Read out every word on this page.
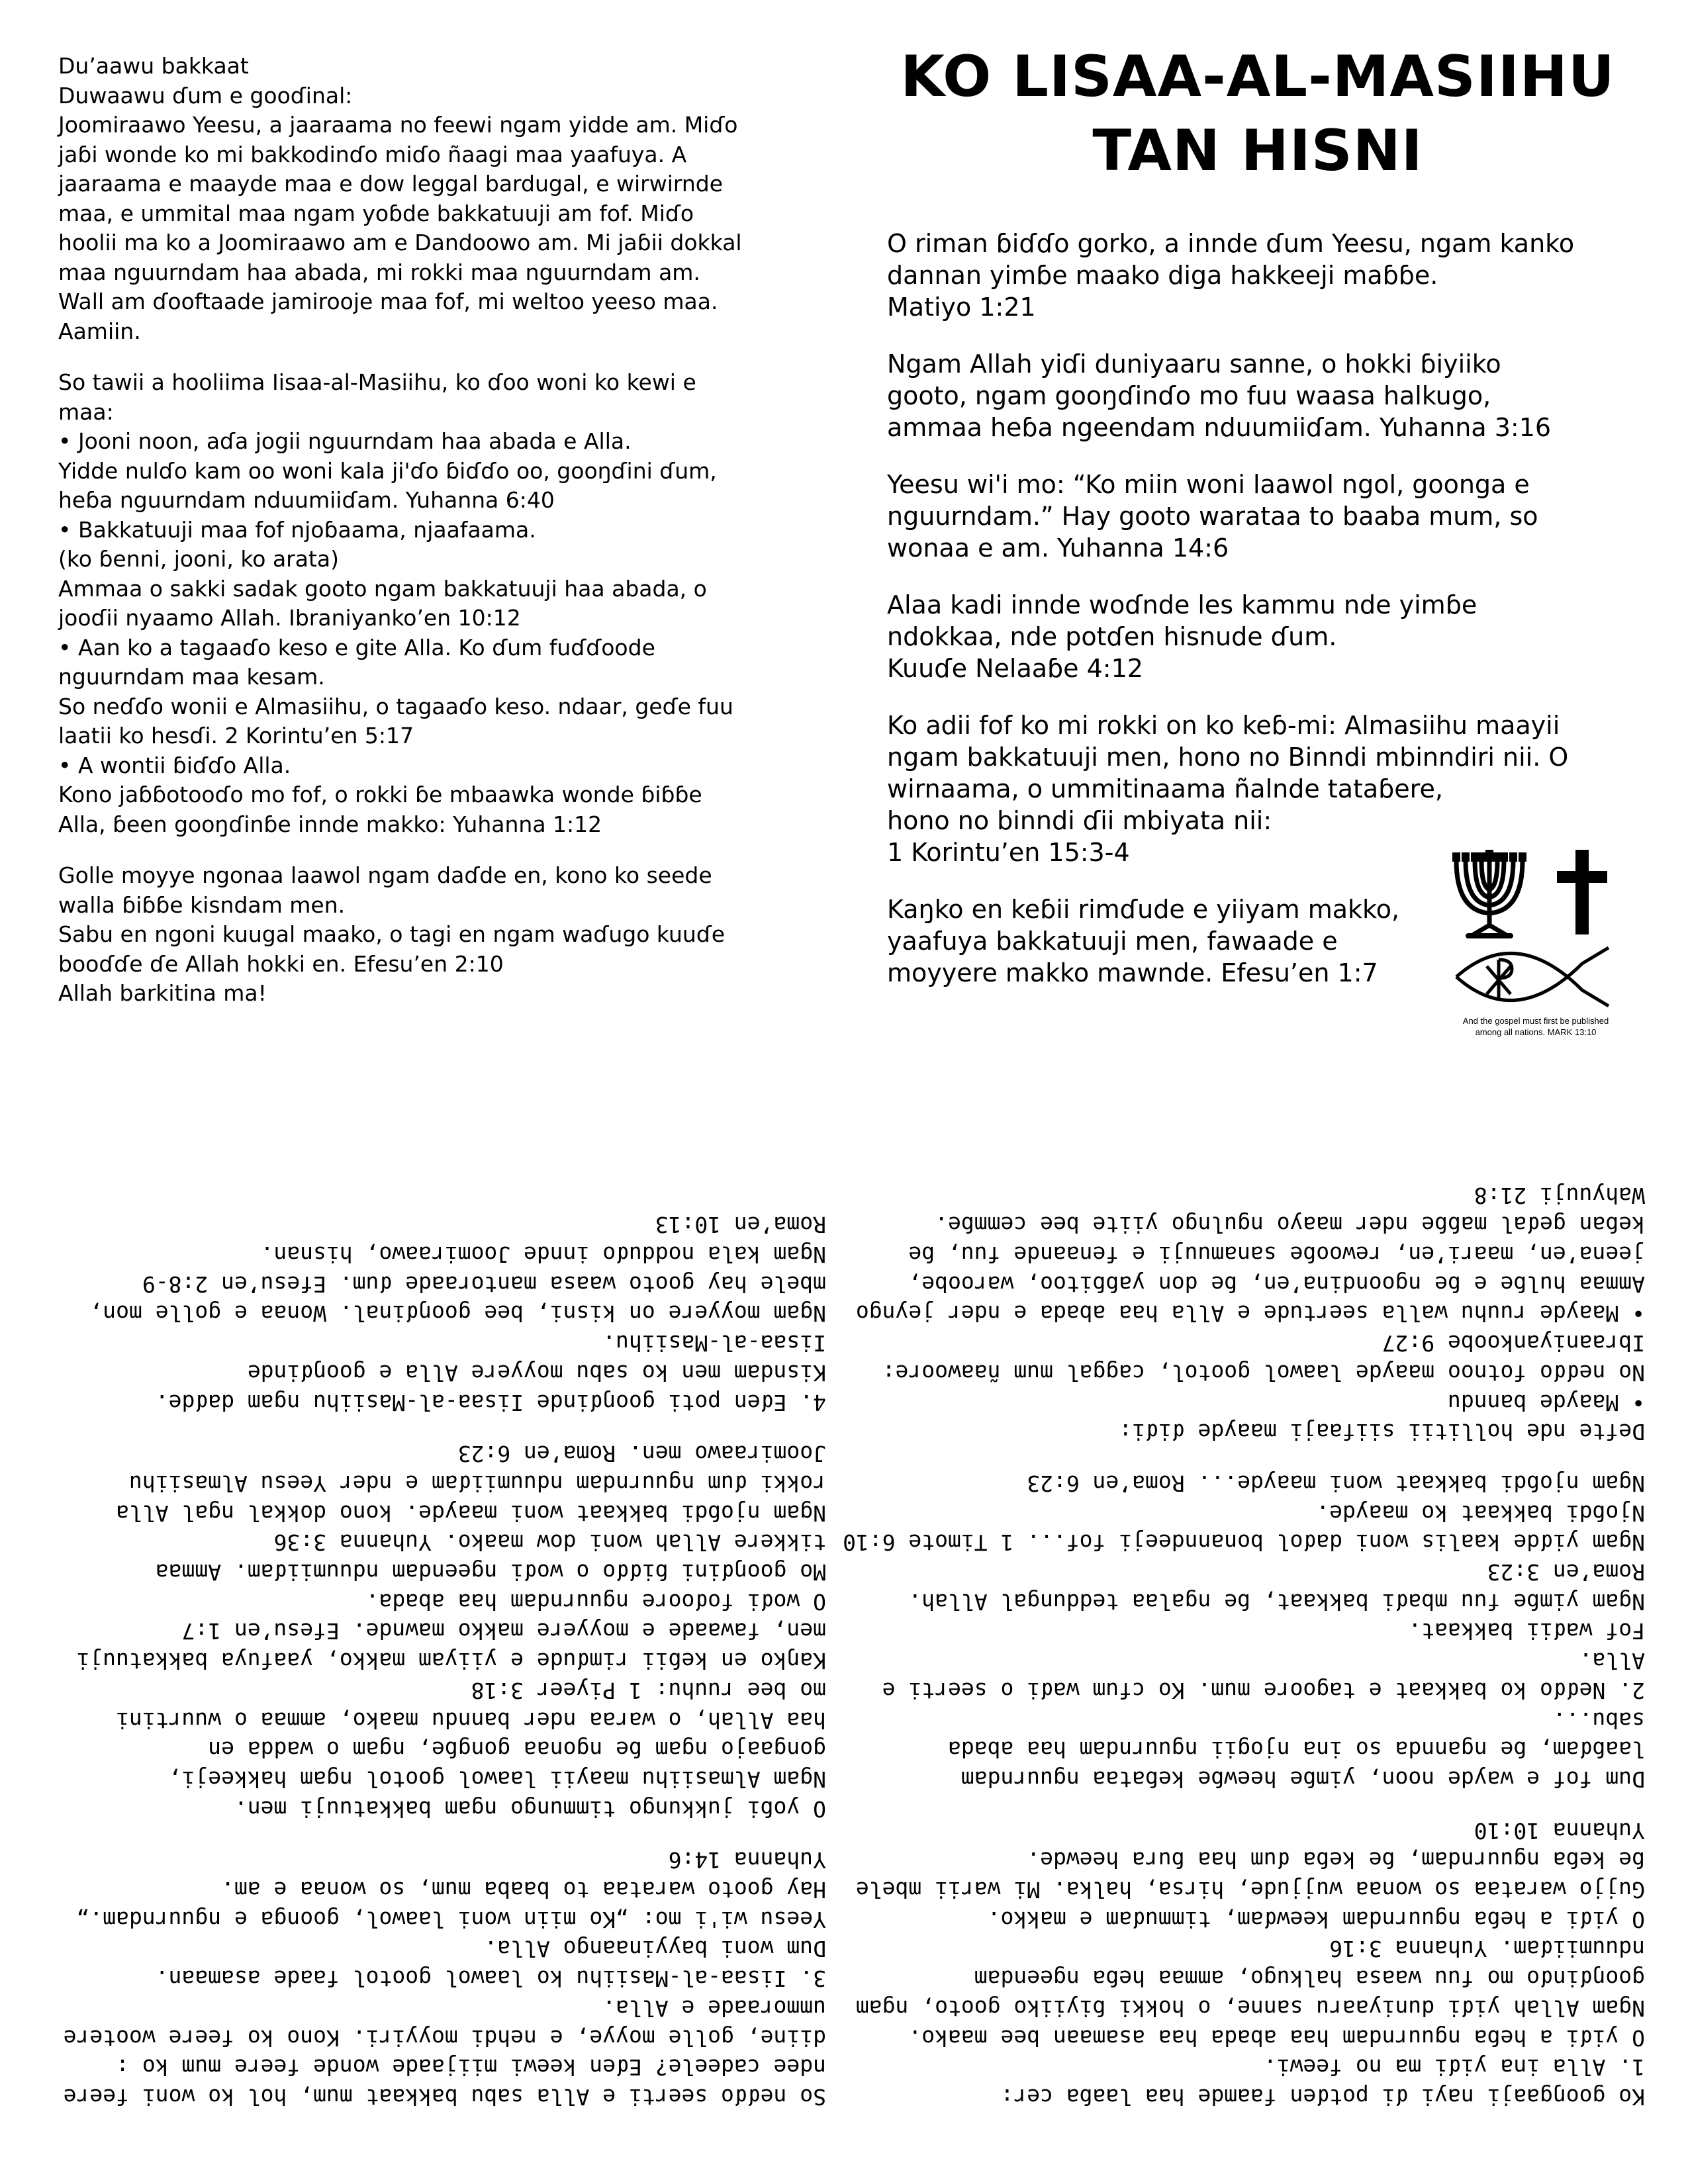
Du’aawu bakkaat
Duwaawu ɗum e gooɗinal:
Joomiraawo Yeesu, a jaaraama no feewi ngam yidde am. Miɗo
jaɓi wonde ko mi bakkodinɗo miɗo ñaagi maa yaafuya. A
jaaraama e maayde maa e dow leggal bardugal, e wirwirnde
maa, e ummital maa ngam yoɓde bakkatuuji am fof. Miɗo
hoolii ma ko a Joomiraawo am e Dandoowo am. Mi jaɓii dokkal
maa nguurndam haa abada, mi rokki maa nguurndam am.
Wall am ɗooftaade jamirooje maa fof, mi weltoo yeeso maa.
Aamiin.
So tawii a hooliima Iisaa-al-Masiihu, ko ɗoo woni ko kewi e
maa:
• Jooni noon, aɗa jogii nguurndam haa abada e Alla.
Yidde nulɗo kam oo woni kala ji'ɗo ɓiɗɗo oo, gooŋɗini ɗum,
heɓa nguurndam nduumiiɗam. Yuhanna 6:40
• Bakkatuuji maa fof njoɓaama, njaafaama.
(ko ɓenni, jooni, ko arata)
Ammaa o sakki sadak gooto ngam bakkatuuji haa abada, o
jooɗii nyaamo Allah. Ibraniyanko’en 10:12
• Aan ko a tagaaɗo keso e gite Alla. Ko ɗum fuɗɗoode
nguurndam maa kesam.
So neɗɗo wonii e Almasiihu, o tagaaɗo keso. ndaar, geɗe fuu
laatii ko hesɗi. 2 Korintu’en 5:17
• A wontii ɓiɗɗo Alla.
Kono jaɓɓotooɗo mo fof, o rokki ɓe mbaawka wonde ɓiɓɓe
Alla, ɓeen gooŋɗinɓe innde makko: Yuhanna 1:12
Golle moyye ngonaa laawol ngam daɗde en, kono ko seede
walla ɓiɓɓe kisndam men.
Sabu en ngoni kuugal maako, o tagi en ngam waɗugo kuuɗe
booɗɗe ɗe Allah hokki en. Efesu’en 2:10
Allah barkitina ma!
KO LISAA-AL-MASIIHU
TAN HISNI
O riman ɓiɗɗo gorko, a innde ɗum Yeesu, ngam kanko
dannan yimɓe maako diga hakkeeji maɓɓe.
Matiyo 1:21
Ngam Allah yiɗi duniyaaru sanne, o hokki ɓiyiiko
gooto, ngam gooŋɗinɗo mo fuu waasa halkugo,
ammaa heɓa ngeendam nduumiiɗam. Yuhanna 3:16
Yeesu wi'i mo: “Ko miin woni laawol ngol, goonga e
nguurndam.” Hay gooto warataa to baaba mum, so
wonaa e am. Yuhanna 14:6
Alaa kadi innde woɗnde les kammu nde yimɓe
ndokkaa, nde potɗen hisnude ɗum.
Kuuɗe Nelaaɓe 4:12
Ko adii fof ko mi rokki on ko keɓ-mi: Almasiihu maayii
ngam bakkatuuji men, hono no Binndi mbinndiri nii. O
wirnaama, o ummitinaama ñalnde tataɓere,
hono no binndi ɗii mbiyata nii:
1 Korintu’en 15:3-4
Kaŋko en keɓii rimɗude e yiiyam makko,
yaafuya bakkatuuji men, fawaade e
moyyere makko mawnde. Efesu’en 1:7
And the gospel must first be published
among all nations. MARK 13:10
So neɗɗo seerti e Alla sabu bakkaat mum, hol ko woni feere
ndee cadeele? Eɗen keewi miijaade wonde feere mum ko :
diine, golle moyye, e nehdi moyyiri. Kono ko feere wootere
ummoraade e Alla.
3. Iisaa-al-Masiihu ko laawol gootol faade asamaan.
Dum woni bayyinaango Alla.
Yeesu wi'i mo: „Ko miin woni laawol, goonga e nguurndam.„
Hay gooto warataa to baaba mum, so wonaa e am.
Yuhanna 14:6
O yoɓi jukkungo timmungo ngam bakkatuuji men.
Ngam Almasiihu maayii laawol gootol ngam hakkeeji,
gongaajo ngam ɓe ngonaa gongɓe, ngam o wadda en
haa Allah, o waraa nder banndu maako, ammaa o wuurtini
mo bee ruuhu: 1 Piyeer 3:18
Kaŋko en keɓii rimɗude e yiiyam makko, yaafuya bakkatuuji
men, fawaade e moyyere makko mawnde. Efesu’en 1:7
O woɗi foɗoore nguurndam haa abada.
Mo gooŋɗini ɓiɗɗo o woɗi ngeendam nduumiiɗam. Ammaa
tikkere Allah woni dow maako. Yuhanna 3:36
Ngam njoɓdi bakkaat woni maayde. kono dokkal ngal Alla
rokki ɗum nguurndam nduumiiɗam e nder Yeesu Almasiihu
Joomiraawo men. Roma’en 6:23
4. Eɗen poti gooŋɗinde Iisaa-al-Masiihu ngam daɗde.
Kisndam men ko sabu moyyere Alla e gooŋɗinde
Iisaa-al-Masiihu.
Ngam moyyere on kisni, bee gooŋɗinal. Wonaa e golle mon,
mbele hay gooto waasa mantoraade ɗum. Efesu’en 2:8-9
Ngam kala nodduɗo innde Joomiraawo, hisnan.
Roma’en 10:13
Ko gooŋgaaji nayi ɗi potɗen faamde haa laaɓa cer:
1. Alla ina yiɗi ma no feewi.
O yiɗi a heɓa nguurndam haa abada haa asamaan bee maako.
Ngam Allah yiɗi duniyaaru sanne, o hokki ɓiyiiko gooto, ngam
gooŋɗinɗo mo fuu waasa halkugo, ammaa heɓa ngeendam
nduumiiɗam. Yuhanna 3:16
O yiɗi a heɓa nguurndam keewɗam, timmuɗam e makko.
Gujjo warataa so wonaa wujjude, hirsa, halka. Mi warii mbele
ɓe keɓa nguurndam, ɓe keɓa ɗum haa ɓura heewde.
Yuhanna 10:10
Dum fof e wayde noon, yimɓe heewɓe keɓataa nguurndam
laaɓɗam, ɓe ngannda so ina njogii nguurndam haa abada
sabu...
2. Neɗɗo ko bakkaat e tagoore mum. Ko cfum waɗi o seerti e
Alla.
Fof waɗii bakkaat.
Ngam yimɓe fuu mbaɗi bakkaat, ɓe ngalaa teddungal Allah.
Roma’en 3:23
Ngam yiɗde kaalis woni daɗol bonanndeeji fof... 1 Timote 6:10
Njoɓdi bakkaat ko maayde.
Ngam njoɓdi bakkaat woni maayde... Roma’en 6:23
Defte nde hollitii siifaaji maayde ɗiɗi:
• Maayde banndu
No neɗɗo fotnoo maayde laawol gootol, caggal mum ñaawoore:
Ibraaniyankoobe 9:27
• Maayde ruuhu walla seertude e Alla haa abada e nder jeyngo
Ammaa hulɓe e ɓe ngoondina’en, ɓe don yaɓɓitoo, waroobe,
jeena’en, maari’en, rewooɓe sanamuuji e fenaande fuu, ɓe
keɓan geɗal maɓɓe nder maayo ngulngo yiite bee cemmɓe.
Wahyuuji 21:8
